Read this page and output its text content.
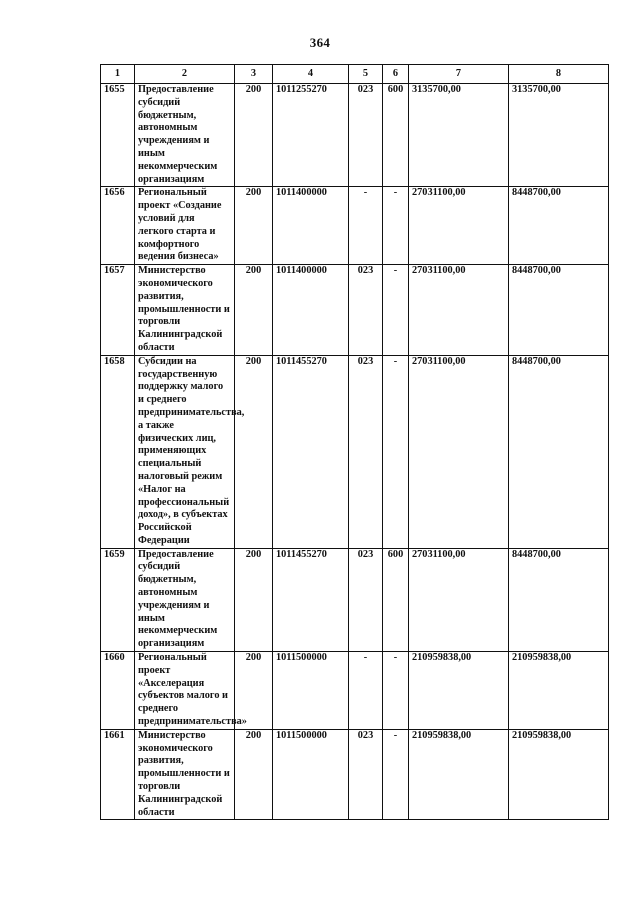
364
1	2	3	4	5	6	7	8
1655	Предоставление субсидий бюджетным, автономным учреждениям и иным некоммерческим организациям	200	1011255270	023	600	3135700,00	3135700,00
1656	Региональный проект «Создание условий для легкого старта и комфортного ведения бизнеса»	200	1011400000	-	-	27031100,00	8448700,00
1657	Министерство экономического развития, промышленности и торговли Калининградской области	200	1011400000	023	-	27031100,00	8448700,00
1658	Субсидии на государственную поддержку малого и среднего предпринимательства, а также физических лиц, применяющих специальный налоговый режим «Налог на профессиональный доход», в субъектах Российской Федерации	200	1011455270	023	-	27031100,00	8448700,00
1659	Предоставление субсидий бюджетным, автономным учреждениям и иным некоммерческим организациям	200	1011455270	023	600	27031100,00	8448700,00
1660	Региональный проект «Акселерация субъектов малого и среднего предпринимательства»	200	1011500000	-	-	210959838,00	210959838,00
1661	Министерство экономического развития, промышленности и торговли Калининградской области	200	1011500000	023	-	210959838,00	210959838,00
